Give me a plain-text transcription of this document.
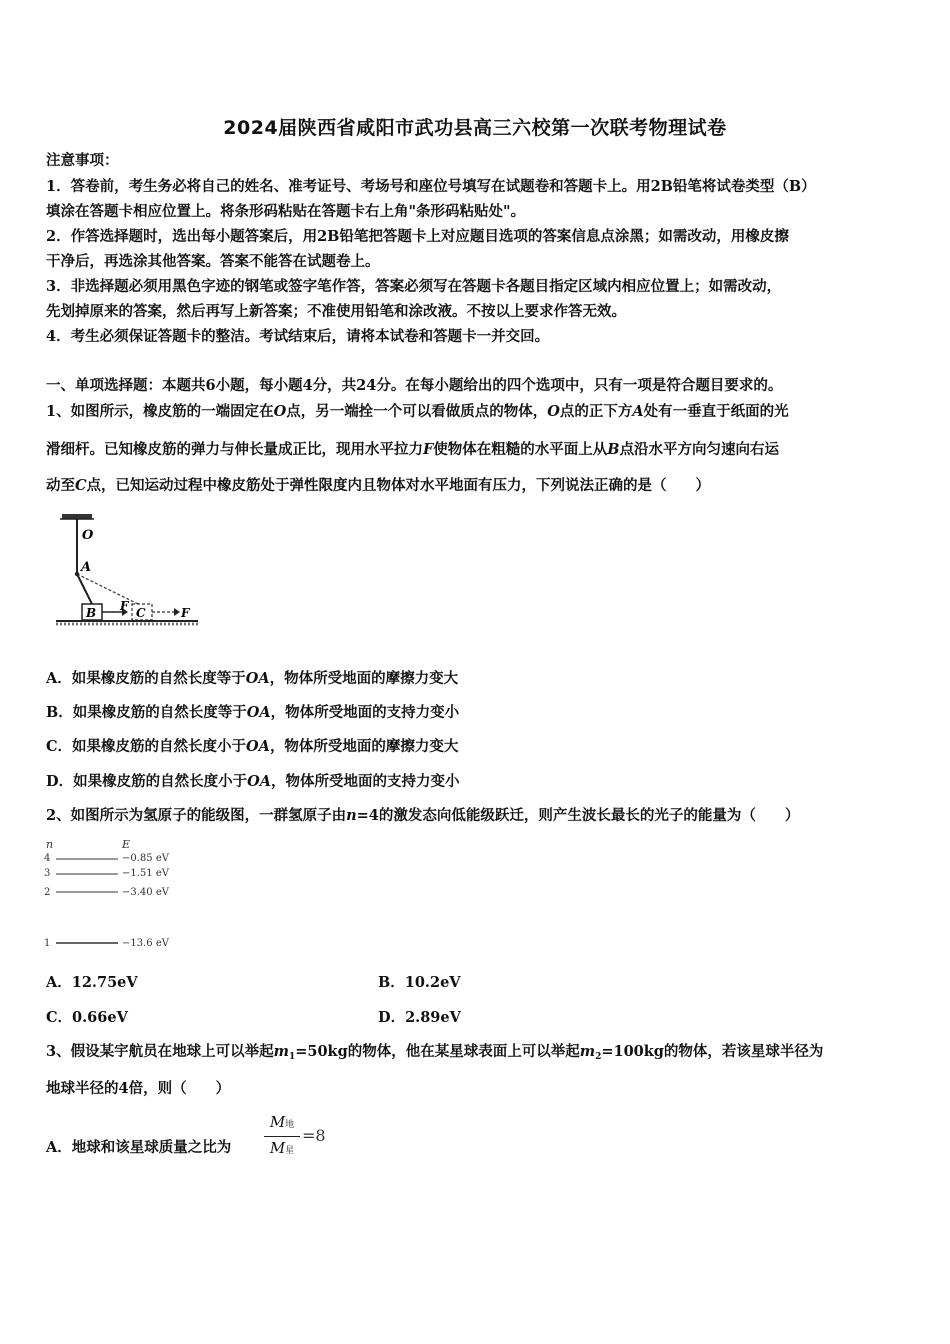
2024届陕西省咸阳市武功县高三六校第一次联考物理试卷
注意事项：
1．答卷前，考生务必将自己的姓名、准考证号、考场号和座位号填写在试题卷和答题卡上。用2B铅笔将试卷类型（B）
填涂在答题卡相应位置上。将条形码粘贴在答题卡右上角"条形码粘贴处"。
2．作答选择题时，选出每小题答案后，用2B铅笔把答题卡上对应题目选项的答案信息点涂黑；如需改动，用橡皮擦
干净后，再选涂其他答案。答案不能答在试题卷上。
3．非选择题必须用黑色字迹的钢笔或签字笔作答，答案必须写在答题卡各题目指定区域内相应位置上；如需改动，
先划掉原来的答案，然后再写上新答案；不准使用铅笔和涂改液。不按以上要求作答无效。
4．考生必须保证答题卡的整洁。考试结束后，请将本试卷和答题卡一并交回。
一、单项选择题：本题共6小题，每小题4分，共24分。在每小题给出的四个选项中，只有一项是符合题目要求的。
1、如图所示，橡皮筋的一端固定在O点，另一端拴一个可以看做质点的物体，O点的正下方A处有一垂直于纸面的光
滑细杆。已知橡皮筋的弹力与伸长量成正比，现用水平拉力F使物体在粗糙的水平面上从B点沿水平方向匀速向右运
动至C点，已知运动过程中橡皮筋处于弹性限度内且物体对水平地面有压力，下列说法正确的是（　　）
O
A
B F C	F
A．如果橡皮筋的自然长度等于OA，物体所受地面的摩擦力变大
B．如果橡皮筋的自然长度等于OA，物体所受地面的支持力变小
C．如果橡皮筋的自然长度小于OA，物体所受地面的摩擦力变大
D．如果橡皮筋的自然长度小于OA，物体所受地面的支持力变小
2、如图所示为氢原子的能级图，一群氢原子由n=4的激发态向低能级跃迁，则产生波长最长的光子的能量为（　　）
n	E
4	−0.85 eV
3	−1.51 eV
2	−3.40 eV
1	−13.6 eV
A．12.75eV	B．10.2eV
C．0.66eV	D．2.89eV
3、假设某宇航员在地球上可以举起$m_1=50kg$的物体，他在某星球表面上可以举起$m_2=100kg$的物体，若该星球半径为
地球半径的4倍，则（　　）
A．地球和该星球质量之比为
M地
M星
=8
